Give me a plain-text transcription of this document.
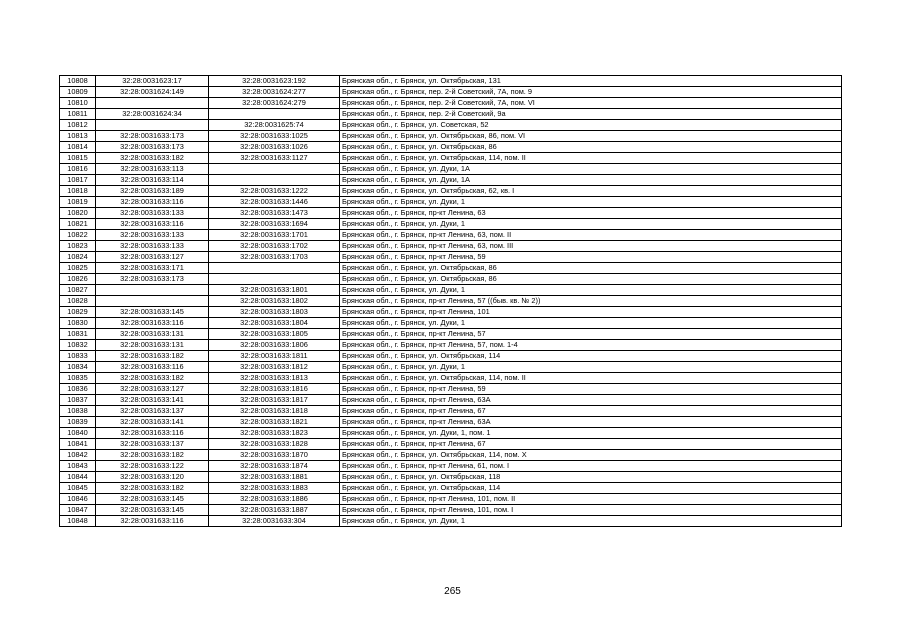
10808	32:28:0031623:17	32:28:0031623:192	Брянская обл., г. Брянск, ул. Октябрьская, 131
10809	32:28:0031624:149	32:28:0031624:277	Брянская обл., г. Брянск, пер. 2-й Советский, 7А, пом. 9
10810		32:28:0031624:279	Брянская обл., г. Брянск, пер. 2-й Советский, 7А, пом. VI
10811	32:28:0031624:34		Брянская обл., г. Брянск, пер. 2-й Советский, 9а
10812		32:28:0031625:74	Брянская обл., г. Брянск, ул. Советская, 52
10813	32:28:0031633:173	32:28:0031633:1025	Брянская обл., г. Брянск, ул. Октябрьская, 86, пом. VI
10814	32:28:0031633:173	32:28:0031633:1026	Брянская обл., г. Брянск, ул. Октябрьская, 86
10815	32:28:0031633:182	32:28:0031633:1127	Брянская обл., г. Брянск, ул. Октябрьская, 114, пом. II
10816	32:28:0031633:113		Брянская обл., г. Брянск, ул. Дуки, 1А
10817	32:28:0031633:114		Брянская обл., г. Брянск, ул. Дуки, 1А
10818	32:28:0031633:189	32:28:0031633:1222	Брянская обл., г. Брянск, ул. Октябрьская, 62, кв. I
10819	32:28:0031633:116	32:28:0031633:1446	Брянская обл., г. Брянск, ул. Дуки, 1
10820	32:28:0031633:133	32:28:0031633:1473	Брянская обл., г. Брянск, пр-кт Ленина, 63
10821	32:28:0031633:116	32:28:0031633:1694	Брянская обл., г. Брянск, ул. Дуки, 1
10822	32:28:0031633:133	32:28:0031633:1701	Брянская обл., г. Брянск, пр-кт Ленина, 63, пом. II
10823	32:28:0031633:133	32:28:0031633:1702	Брянская обл., г. Брянск, пр-кт Ленина, 63, пом. III
10824	32:28:0031633:127	32:28:0031633:1703	Брянская обл., г. Брянск, пр-кт Ленина, 59
10825	32:28:0031633:171		Брянская обл., г. Брянск, ул. Октябрьская, 86
10826	32:28:0031633:173		Брянская обл., г. Брянск, ул. Октябрьская, 86
10827		32:28:0031633:1801	Брянская обл., г. Брянск, ул. Дуки, 1
10828		32:28:0031633:1802	Брянская обл., г. Брянск, пр-кт Ленина, 57 ((быв. кв. № 2))
10829	32:28:0031633:145	32:28:0031633:1803	Брянская обл., г. Брянск, пр-кт Ленина, 101
10830	32:28:0031633:116	32:28:0031633:1804	Брянская обл., г. Брянск, ул. Дуки, 1
10831	32:28:0031633:131	32:28:0031633:1805	Брянская обл., г. Брянск, пр-кт Ленина, 57
10832	32:28:0031633:131	32:28:0031633:1806	Брянская обл., г. Брянск, пр-кт Ленина, 57, пом. 1-4
10833	32:28:0031633:182	32:28:0031633:1811	Брянская обл., г. Брянск, ул. Октябрьская, 114
10834	32:28:0031633:116	32:28:0031633:1812	Брянская обл., г. Брянск, ул. Дуки, 1
10835	32:28:0031633:182	32:28:0031633:1813	Брянская обл., г. Брянск, ул. Октябрьская, 114, пом. II
10836	32:28:0031633:127	32:28:0031633:1816	Брянская обл., г. Брянск, пр-кт Ленина, 59
10837	32:28:0031633:141	32:28:0031633:1817	Брянская обл., г. Брянск, пр-кт Ленина, 63А
10838	32:28:0031633:137	32:28:0031633:1818	Брянская обл., г. Брянск, пр-кт Ленина, 67
10839	32:28:0031633:141	32:28:0031633:1821	Брянская обл., г. Брянск, пр-кт Ленина, 63А
10840	32:28:0031633:116	32:28:0031633:1823	Брянская обл., г. Брянск, ул. Дуки, 1, пом. 1
10841	32:28:0031633:137	32:28:0031633:1828	Брянская обл., г. Брянск, пр-кт Ленина, 67
10842	32:28:0031633:182	32:28:0031633:1870	Брянская обл., г. Брянск, ул. Октябрьская, 114, пом. X
10843	32:28:0031633:122	32:28:0031633:1874	Брянская обл., г. Брянск, пр-кт Ленина, 61, пом. I
10844	32:28:0031633:120	32:28:0031633:1881	Брянская обл., г. Брянск, ул. Октябрьская, 118
10845	32:28:0031633:182	32:28:0031633:1883	Брянская обл., г. Брянск, ул. Октябрьская, 114
10846	32:28:0031633:145	32:28:0031633:1886	Брянская обл., г. Брянск, пр-кт Ленина, 101, пом. II
10847	32:28:0031633:145	32:28:0031633:1887	Брянская обл., г. Брянск, пр-кт Ленина, 101, пом. I
10848	32:28:0031633:116	32:28:0031633:304	Брянская обл., г. Брянск, ул. Дуки, 1
265
